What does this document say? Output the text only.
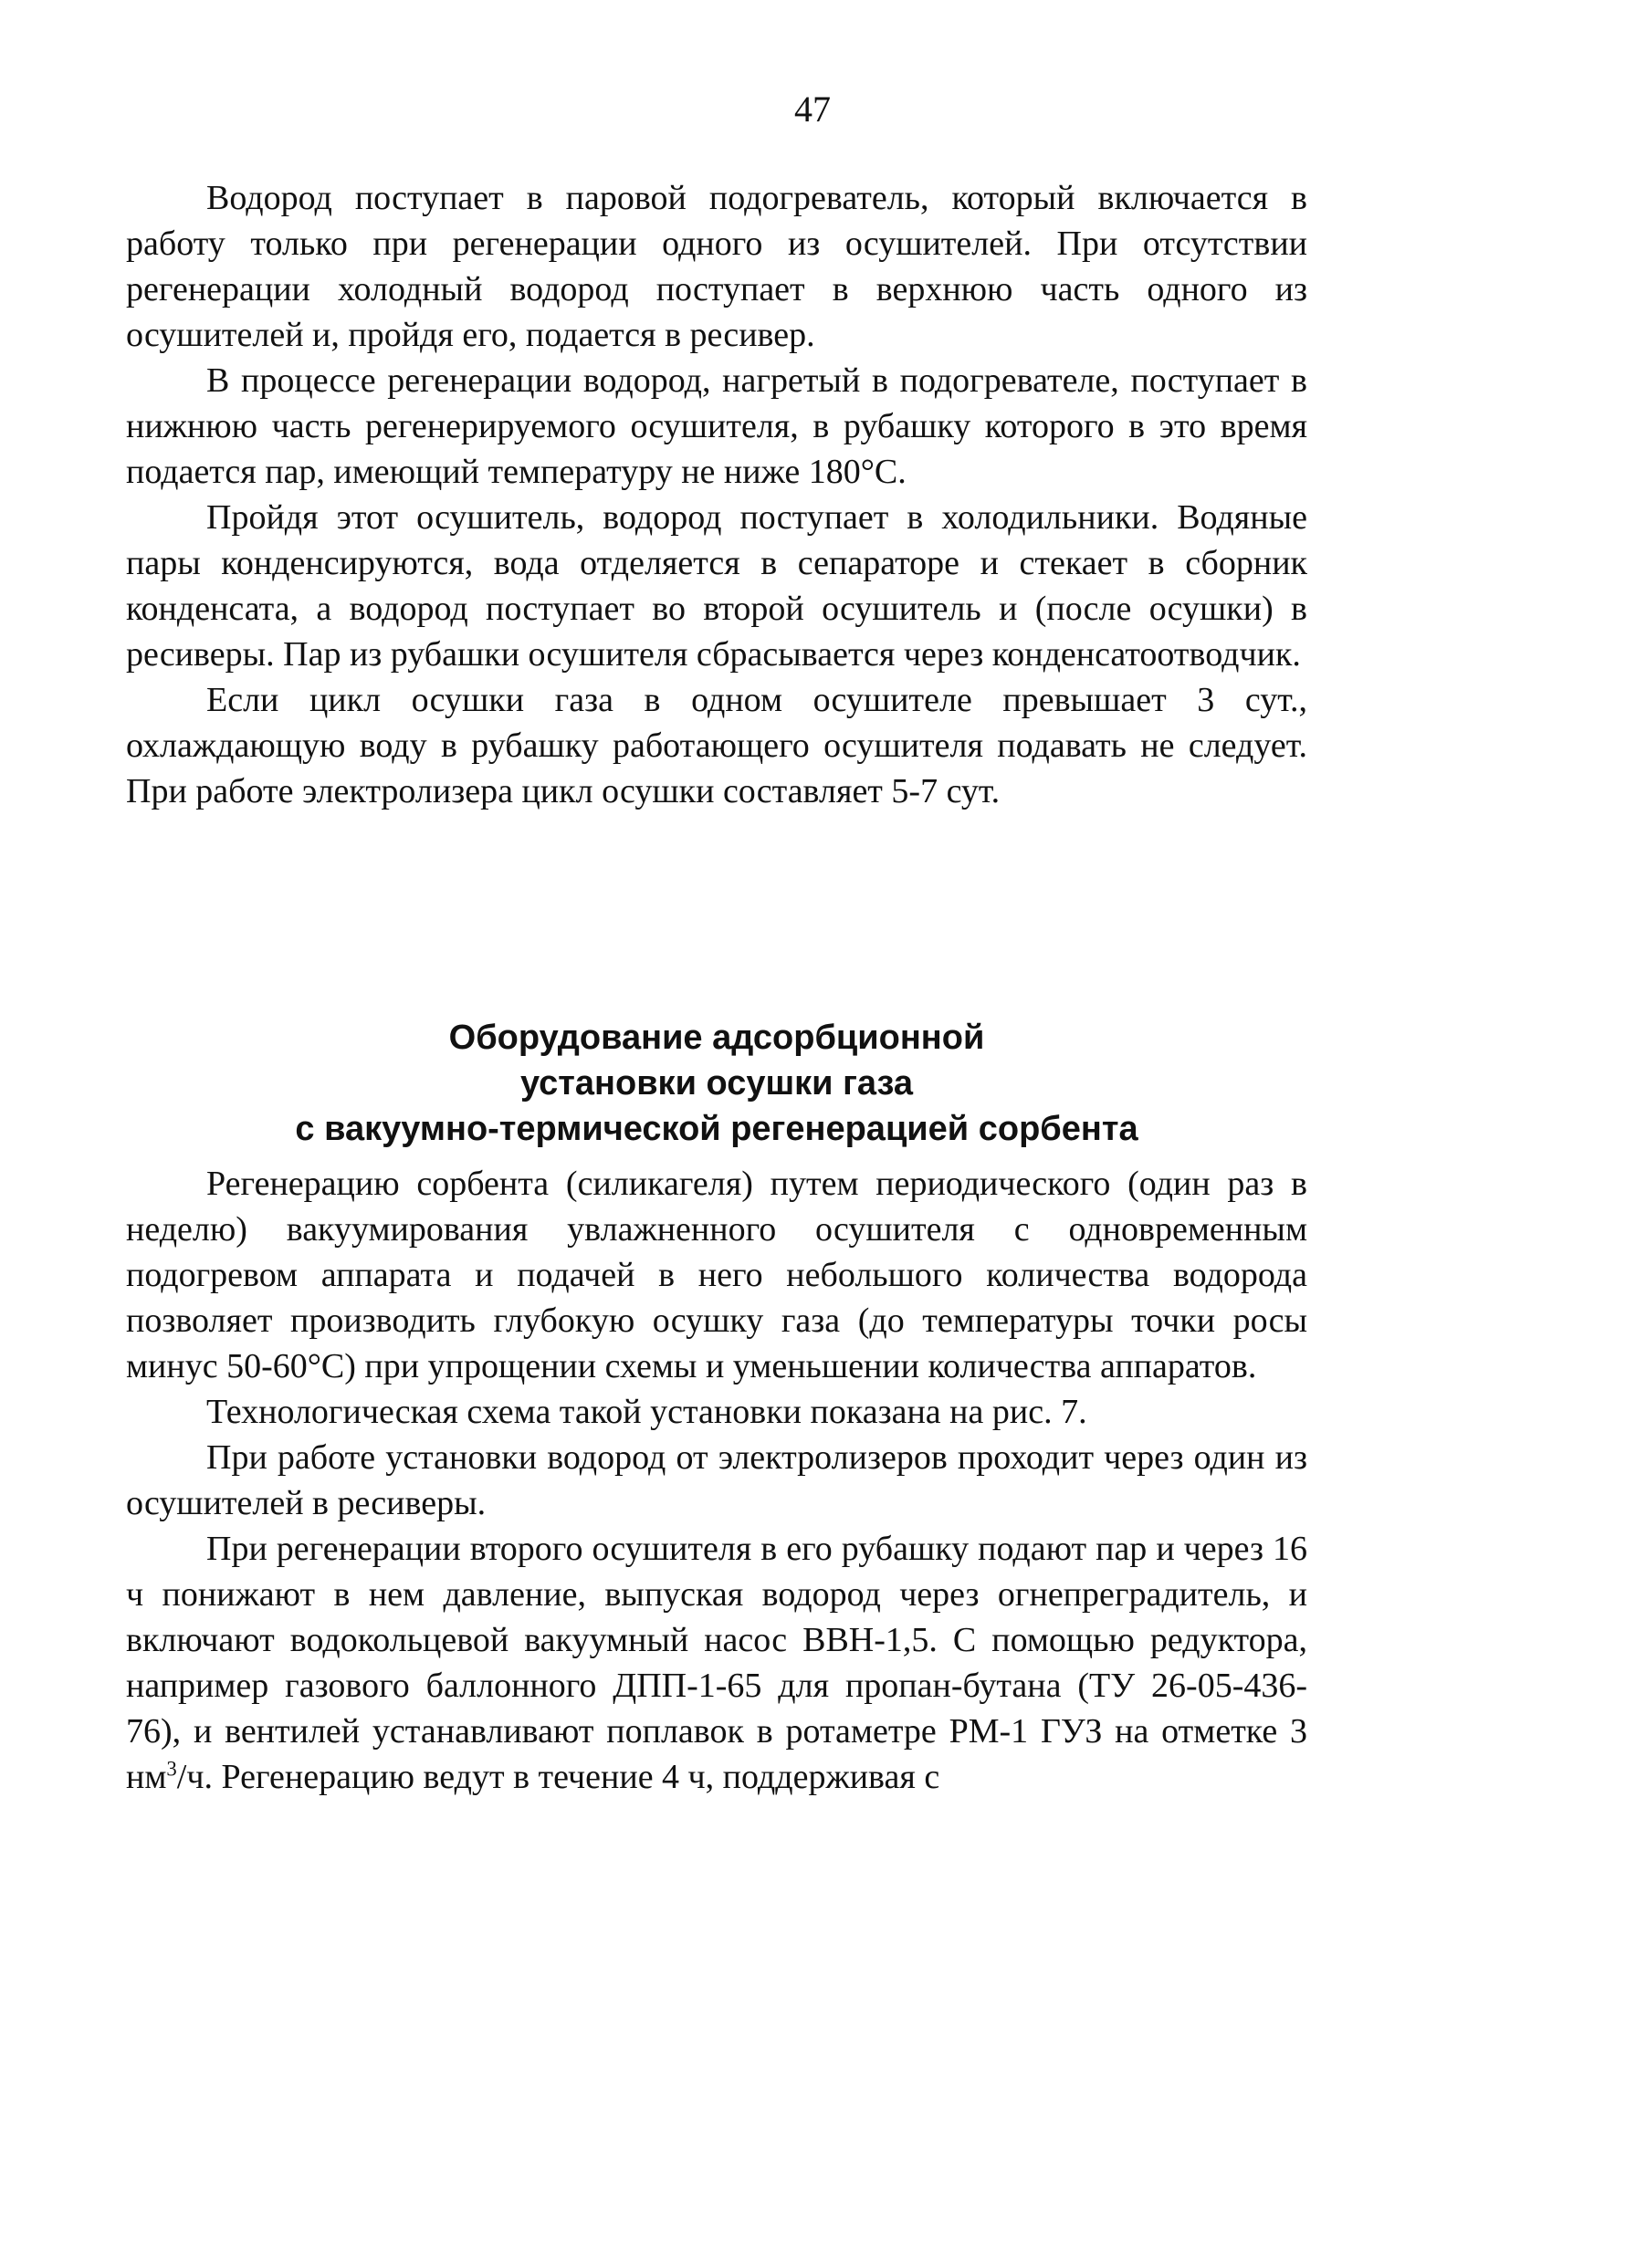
47

Водород поступает в паровой подогреватель, который включается в работу только при регенерации одного из осушителей. При отсутствии регенерации холодный водород поступает в верхнюю часть одного из осушителей и, пройдя его, подается в ресивер.

В процессе регенерации водород, нагретый в подогревателе, поступает в нижнюю часть регенерируемого осушителя, в рубашку которого в это время подается пар, имеющий температуру не ниже 180°С.

Пройдя этот осушитель, водород поступает в холодильники. Водяные пары конденсируются, вода отделяется в сепараторе и стекает в сборник конденсата, а водород поступает во второй осушитель и (после осушки) в ресиверы. Пар из рубашки осушителя сбрасывается через конденсатоотводчик.

Если цикл осушки газа в одном осушителе превышает 3 сут., охлаждающую воду в рубашку работающего осушителя подавать не следует. При работе электролизера цикл осушки составляет 5-7 сут.

Оборудование адсорбционной
установки осушки газа
с вакуумно-термической регенерацией сорбента

Регенерацию сорбента (силикагеля) путем периодического (один раз в неделю) вакуумирования увлажненного осушителя с одновременным подогревом аппарата и подачей в него небольшого количества водорода позволяет производить глубокую осушку газа (до температуры точки росы минус 50-60°С) при упрощении схемы и уменьшении количества аппаратов.

Технологическая схема такой установки показана на рис. 7.

При работе установки водород от электролизеров проходит через один из осушителей в ресиверы.

При регенерации второго осушителя в его рубашку подают пар и через 16 ч понижают в нем давление, выпуская водород через огнепреградитель, и включают водокольцевой вакуумный насос ВВН-1,5. С помощью редуктора, например газового баллонного ДПП-1-65 для пропан-бутана (ТУ 26-05-436-76), и вентилей устанавливают поплавок в ротаметре РМ-1 ГУЗ на отметке 3 $нм^3/ч$. Регенерацию ведут в течение 4 ч, поддерживая с
